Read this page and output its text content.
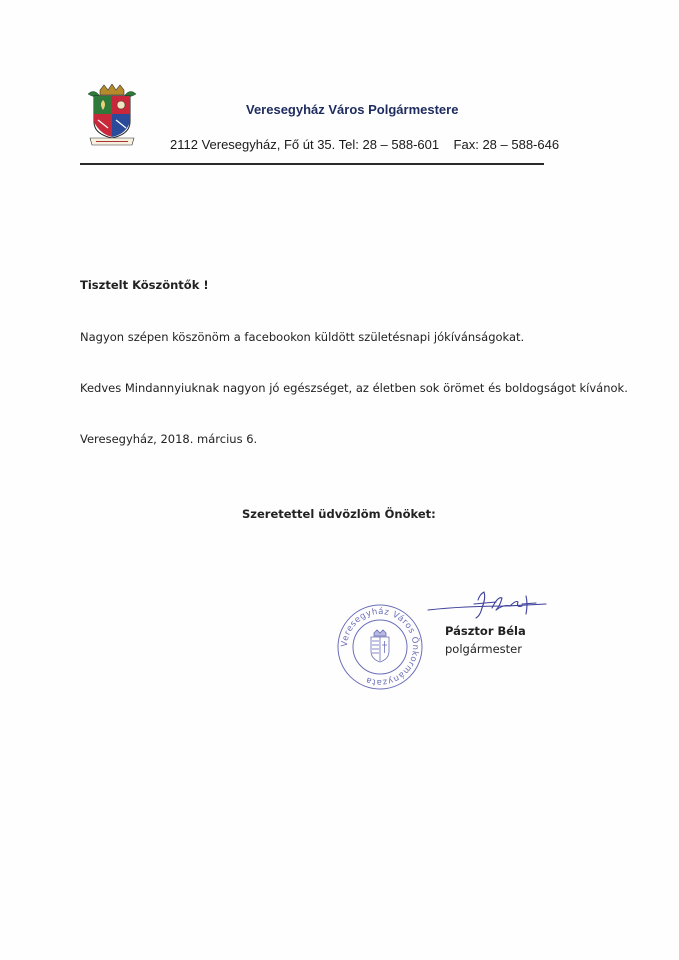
Veresegyház Város Polgármestere
2112 Veresegyház, Fő út 35. Tel: 28 – 588-601    Fax: 28 – 588-646
Tisztelt Köszöntők !
Nagyon szépen köszönöm a facebookon küldött születésnapi jókívánságokat.
Kedves Mindannyiuknak nagyon jó egészséget, az életben sok örömet és boldogságot kívánok.
Veresegyház, 2018. március 6.
Szeretettel üdvözlöm Önöket:
Veresegyház Város Önkormányzata
Pásztor Béla
polgármester
